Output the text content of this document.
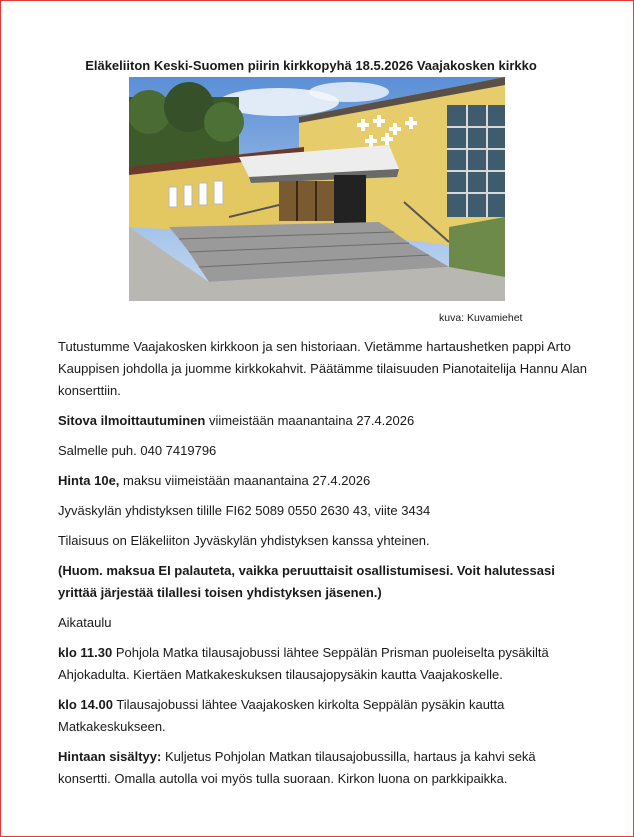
Eläkeliiton Keski-Suomen piirin kirkkopyhä 18.5.2026 Vaajakosken kirkko
kuva: Kuvamiehet

Tutustumme Vaajakosken kirkkoon ja sen historiaan. Vietämme hartaushetken pappi Arto Kauppisen johdolla ja juomme kirkkokahvit. Päätämme tilaisuuden Pianotaitelija Hannu Alan konserttiin.

Sitova ilmoittautuminen viimeistään maanantaina 27.4.2026

Salmelle puh. 040 7419796

Hinta 10e, maksu viimeistään maanantaina 27.4.2026

Jyväskylän yhdistyksen tilille FI62 5089 0550 2630 43, viite 3434

Tilaisuus on Eläkeliiton Jyväskylän yhdistyksen kanssa yhteinen.

(Huom. maksua EI palauteta, vaikka peruuttaisit osallistumisesi. Voit halutessasi yrittää järjestää tilallesi toisen yhdistyksen jäsenen.)

Aikataulu

klo 11.30 Pohjola Matka tilausajobussi lähtee Seppälän Prisman puoleiselta pysäkiltä Ahjokadulta. Kiertäen Matkakeskuksen tilausajopysäkin kautta Vaajakoskelle.

klo 14.00 Tilausajobussi lähtee Vaajakosken kirkolta Seppälän pysäkin kautta Matkakeskukseen.

Hintaan sisältyy: Kuljetus Pohjolan Matkan tilausajobussilla, hartaus ja kahvi sekä konsertti. Omalla autolla voi myös tulla suoraan. Kirkon luona on parkkipaikka.
